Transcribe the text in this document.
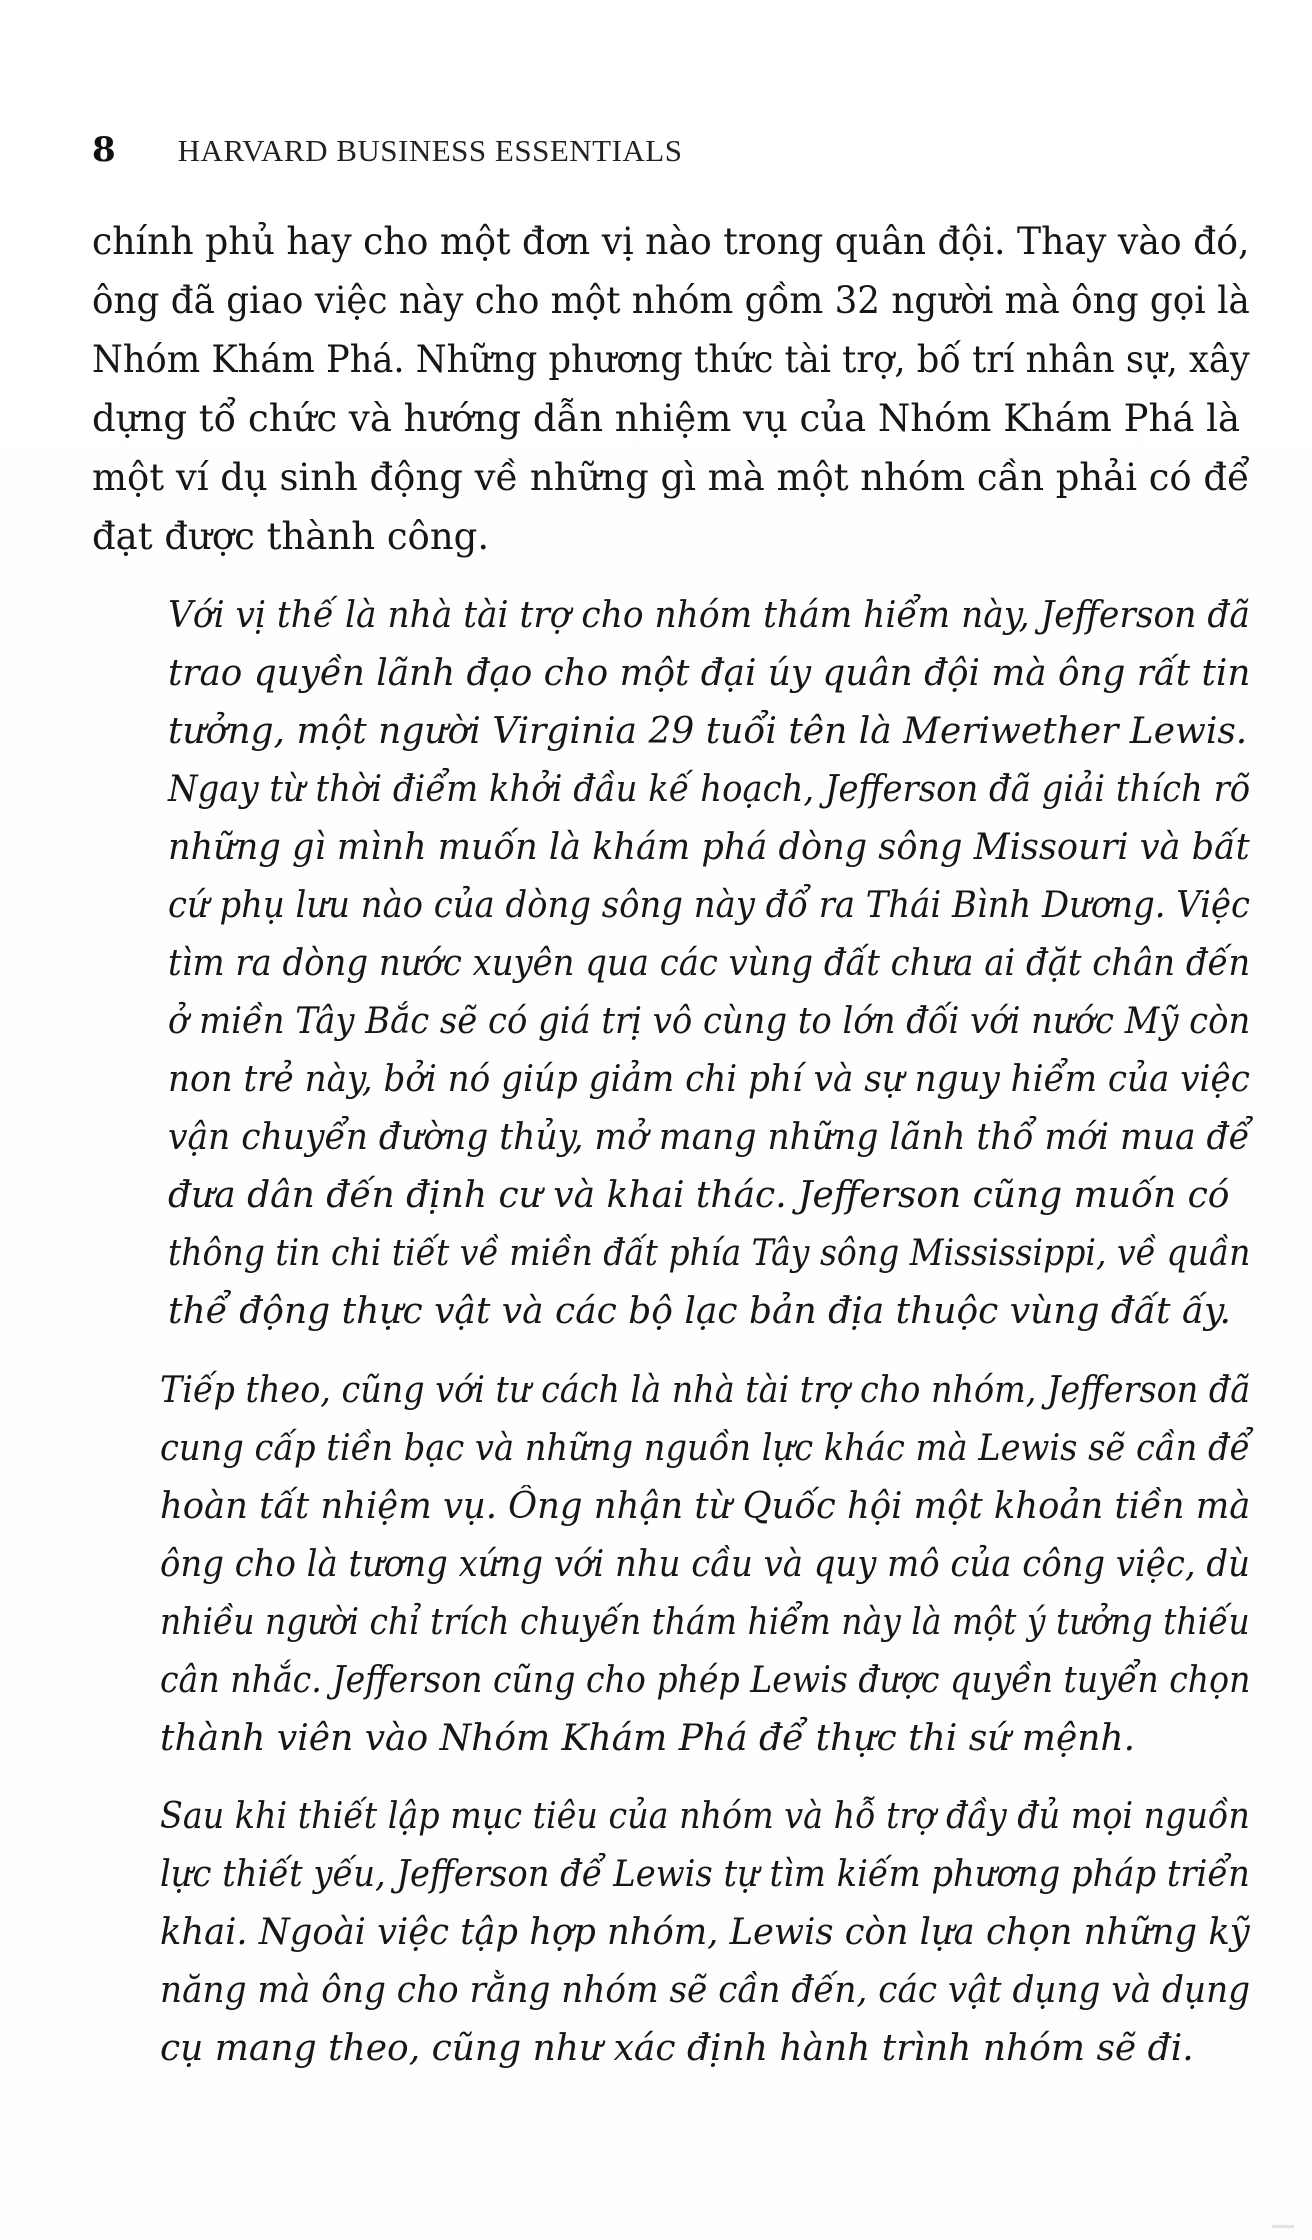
8 HARVARD BUSINESS ESSENTIALS
chính phủ hay cho một đơn vị nào trong quân đội. Thay vào đó,
ông đã giao việc này cho một nhóm gồm 32 người mà ông gọi là
Nhóm Khám Phá. Những phương thức tài trợ, bố trí nhân sự, xây
dựng tổ chức và hướng dẫn nhiệm vụ của Nhóm Khám Phá là
một ví dụ sinh động về những gì mà một nhóm cần phải có để
đạt được thành công.
Với vị thế là nhà tài trợ cho nhóm thám hiểm này, Jefferson đã
trao quyền lãnh đạo cho một đại úy quân đội mà ông rất tin
tưởng, một người Virginia 29 tuổi tên là Meriwether Lewis.
Ngay từ thời điểm khởi đầu kế hoạch, Jefferson đã giải thích rõ
những gì mình muốn là khám phá dòng sông Missouri và bất
cứ phụ lưu nào của dòng sông này đổ ra Thái Bình Dương. Việc
tìm ra dòng nước xuyên qua các vùng đất chưa ai đặt chân đến
ở miền Tây Bắc sẽ có giá trị vô cùng to lớn đối với nước Mỹ còn
non trẻ này, bởi nó giúp giảm chi phí và sự nguy hiểm của việc
vận chuyển đường thủy, mở mang những lãnh thổ mới mua để
đưa dân đến định cư và khai thác. Jefferson cũng muốn có
thông tin chi tiết về miền đất phía Tây sông Mississippi, về quần
thể động thực vật và các bộ lạc bản địa thuộc vùng đất ấy.
Tiếp theo, cũng với tư cách là nhà tài trợ cho nhóm, Jefferson đã
cung cấp tiền bạc và những nguồn lực khác mà Lewis sẽ cần để
hoàn tất nhiệm vụ. Ông nhận từ Quốc hội một khoản tiền mà
ông cho là tương xứng với nhu cầu và quy mô của công việc, dù
nhiều người chỉ trích chuyến thám hiểm này là một ý tưởng thiếu
cân nhắc. Jefferson cũng cho phép Lewis được quyền tuyển chọn
thành viên vào Nhóm Khám Phá để thực thi sứ mệnh.
Sau khi thiết lập mục tiêu của nhóm và hỗ trợ đầy đủ mọi nguồn
lực thiết yếu, Jefferson để Lewis tự tìm kiếm phương pháp triển
khai. Ngoài việc tập hợp nhóm, Lewis còn lựa chọn những kỹ
năng mà ông cho rằng nhóm sẽ cần đến, các vật dụng và dụng
cụ mang theo, cũng như xác định hành trình nhóm sẽ đi.
